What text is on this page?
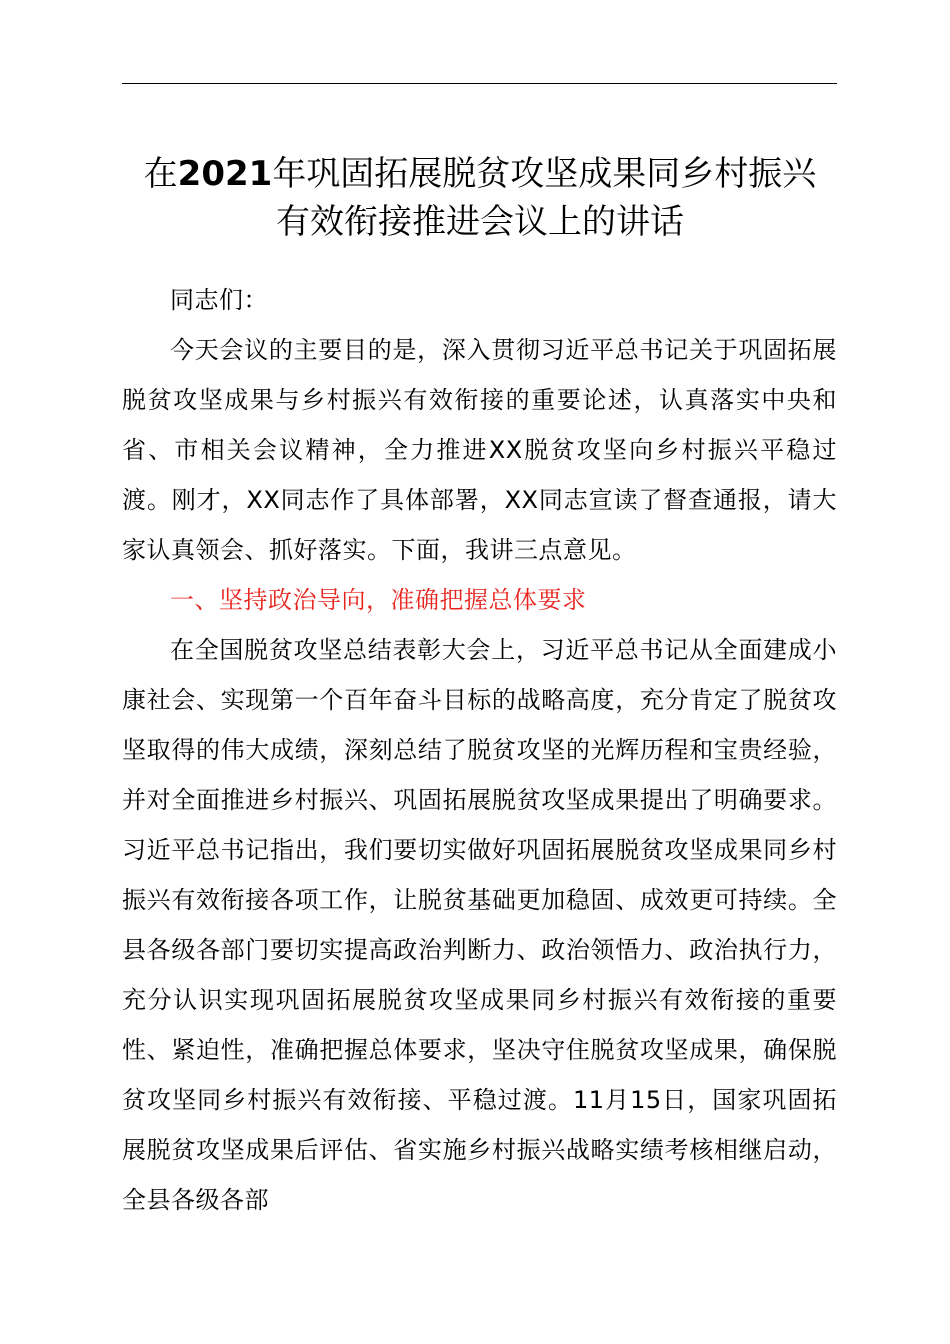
在2021年巩固拓展脱贫攻坚成果同乡村振兴
有效衔接推进会议上的讲话

同志们：

今天会议的主要目的是，深入贯彻习近平总书记关于巩固拓展脱贫攻坚成果与乡村振兴有效衔接的重要论述，认真落实中央和省、市相关会议精神，全力推进XX脱贫攻坚向乡村振兴平稳过渡。刚才，XX同志作了具体部署，XX同志宣读了督查通报，请大家认真领会、抓好落实。下面，我讲三点意见。

一、坚持政治导向，准确把握总体要求

在全国脱贫攻坚总结表彰大会上，习近平总书记从全面建成小康社会、实现第一个百年奋斗目标的战略高度，充分肯定了脱贫攻坚取得的伟大成绩，深刻总结了脱贫攻坚的光辉历程和宝贵经验，并对全面推进乡村振兴、巩固拓展脱贫攻坚成果提出了明确要求。习近平总书记指出，我们要切实做好巩固拓展脱贫攻坚成果同乡村振兴有效衔接各项工作，让脱贫基础更加稳固、成效更可持续。全县各级各部门要切实提高政治判断力、政治领悟力、政治执行力，充分认识实现巩固拓展脱贫攻坚成果同乡村振兴有效衔接的重要性、紧迫性，准确把握总体要求，坚决守住脱贫攻坚成果，确保脱贫攻坚同乡村振兴有效衔接、平稳过渡。11月15日，国家巩固拓展脱贫攻坚成果后评估、省实施乡村振兴战略实绩考核相继启动，全县各级各部
